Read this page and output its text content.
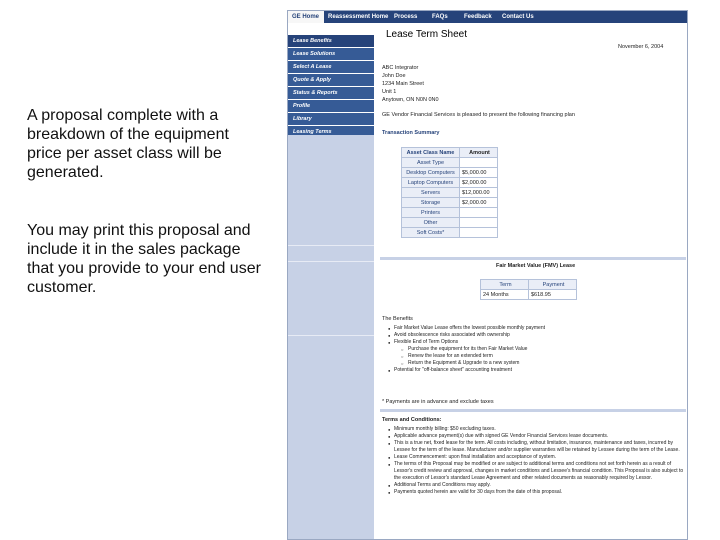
A proposal complete with a breakdown of the equipment price per asset class will be generated.
You may print this proposal and include it in the sales package that you provide to your end user customer.
GE Home	Reassessment Home Process	FAQs	Feedback	Contact Us
Lease Benefits
Lease Solutions
Select A Lease
Quote & Apply
Status & Reports
Profile
Library
Leasing Terms
Lease Term Sheet
November 6, 2004
ABC Integrator
John Doe
1234 Main Street
Unit 1
Anytown, ON N0N 0N0
GE Vendor Financial Services is pleased to present the following financing plan
Transaction Summary
Asset Class Name	Amount
Asset Type	
Desktop Computers	$5,000.00
Laptop Computers	$2,000.00
Servers	$12,000.00
Storage	$2,000.00
Printers	
Other	
Soft Costs*	
Fair Market Value (FMV) Lease
Term	Payment
24 Months	$618.95
The Benefits
● Fair Market Value Lease offers the lowest possible monthly payment
● Avoid obsolescence risks associated with ownership
● Flexible End of Term Options
○ Purchase the equipment for its then Fair Market Value
○ Renew the lease for an extended term
○ Return the Equipment & Upgrade to a new system
● Potential for "off-balance sheet" accounting treatment
* Payments are in advance and exclude taxes
Terms and Conditions:
● Minimum monthly billing: $50 excluding taxes.
● Applicable advance payment(s) due with signed GE Vendor Financial Services lease documents.
● This is a true net, fixed lease for the term. All costs including, without limitation, insurance, maintenance and taxes, incurred by Lessee for the term of the lease. Manufacturer and/or supplier warranties will be retained by Lessee during the term of the Lease.
● Lease Commencement: upon final installation and acceptance of system.
● The terms of this Proposal may be modified or are subject to additional terms and conditions not set forth herein as a result of Lessor's credit review and approval, changes in market conditions and Lessee's financial condition. This Proposal is also subject to the execution of Lessor's standard Lease Agreement and other related documents as reasonably required by Lessor.
● Additional Terms and Conditions may apply.
● Payments quoted herein are valid for 30 days from the date of this proposal.
